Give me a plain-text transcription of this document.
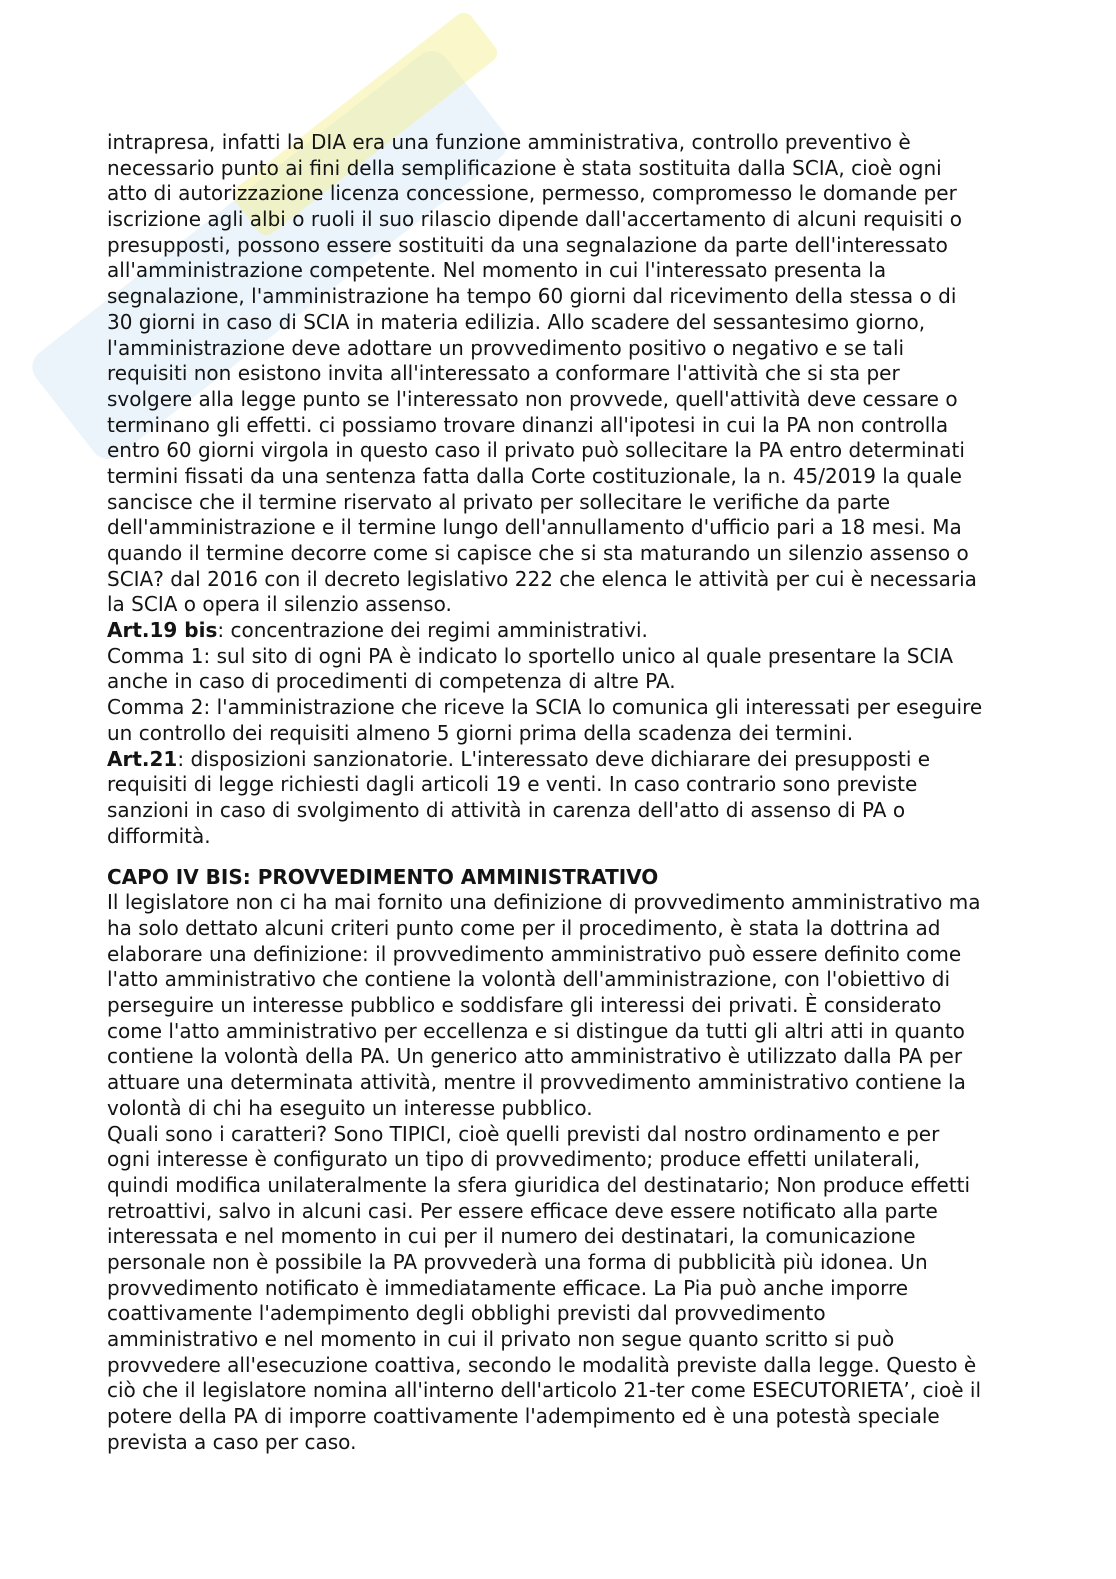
intrapresa, infatti la DIA era una funzione amministrativa, controllo preventivo è
necessario punto ai fini della semplificazione è stata sostituita dalla SCIA, cioè ogni
atto di autorizzazione licenza concessione, permesso, compromesso le domande per
iscrizione agli albi o ruoli il suo rilascio dipende dall'accertamento di alcuni requisiti o
presupposti, possono essere sostituiti da una segnalazione da parte dell'interessato
all'amministrazione competente. Nel momento in cui l'interessato presenta la
segnalazione, l'amministrazione ha tempo 60 giorni dal ricevimento della stessa o di
30 giorni in caso di SCIA in materia edilizia. Allo scadere del sessantesimo giorno,
l'amministrazione deve adottare un provvedimento positivo o negativo e se tali
requisiti non esistono invita all'interessato a conformare l'attività che si sta per
svolgere alla legge punto se l'interessato non provvede, quell'attività deve cessare o
terminano gli effetti. ci possiamo trovare dinanzi all'ipotesi in cui la PA non controlla
entro 60 giorni virgola in questo caso il privato può sollecitare la PA entro determinati
termini fissati da una sentenza fatta dalla Corte costituzionale, la n. 45/2019 la quale
sancisce che il termine riservato al privato per sollecitare le verifiche da parte
dell'amministrazione e il termine lungo dell'annullamento d'ufficio pari a 18 mesi. Ma
quando il termine decorre come si capisce che si sta maturando un silenzio assenso o
SCIA? dal 2016 con il decreto legislativo 222 che elenca le attività per cui è necessaria
la SCIA o opera il silenzio assenso.
Art.19 bis: concentrazione dei regimi amministrativi.
Comma 1: sul sito di ogni PA è indicato lo sportello unico al quale presentare la SCIA
anche in caso di procedimenti di competenza di altre PA.
Comma 2: l'amministrazione che riceve la SCIA lo comunica gli interessati per eseguire
un controllo dei requisiti almeno 5 giorni prima della scadenza dei termini.
Art.21: disposizioni sanzionatorie. L'interessato deve dichiarare dei presupposti e
requisiti di legge richiesti dagli articoli 19 e venti. In caso contrario sono previste
sanzioni in caso di svolgimento di attività in carenza dell'atto di assenso di PA o
difformità.
CAPO IV BIS: PROVVEDIMENTO AMMINISTRATIVO
Il legislatore non ci ha mai fornito una definizione di provvedimento amministrativo ma
ha solo dettato alcuni criteri punto come per il procedimento, è stata la dottrina ad
elaborare una definizione: il provvedimento amministrativo può essere definito come
l'atto amministrativo che contiene la volontà dell'amministrazione, con l'obiettivo di
perseguire un interesse pubblico e soddisfare gli interessi dei privati. È considerato
come l'atto amministrativo per eccellenza e si distingue da tutti gli altri atti in quanto
contiene la volontà della PA. Un generico atto amministrativo è utilizzato dalla PA per
attuare una determinata attività, mentre il provvedimento amministrativo contiene la
volontà di chi ha eseguito un interesse pubblico.
Quali sono i caratteri? Sono TIPICI, cioè quelli previsti dal nostro ordinamento e per
ogni interesse è configurato un tipo di provvedimento; produce effetti unilaterali,
quindi modifica unilateralmente la sfera giuridica del destinatario; Non produce effetti
retroattivi, salvo in alcuni casi. Per essere efficace deve essere notificato alla parte
interessata e nel momento in cui per il numero dei destinatari, la comunicazione
personale non è possibile la PA provvederà una forma di pubblicità più idonea. Un
provvedimento notificato è immediatamente efficace. La Pia può anche imporre
coattivamente l'adempimento degli obblighi previsti dal provvedimento
amministrativo e nel momento in cui il privato non segue quanto scritto si può
provvedere all'esecuzione coattiva, secondo le modalità previste dalla legge. Questo è
ciò che il legislatore nomina all'interno dell'articolo 21-ter come ESECUTORIETA’, cioè il
potere della PA di imporre coattivamente l'adempimento ed è una potestà speciale
prevista a caso per caso.
